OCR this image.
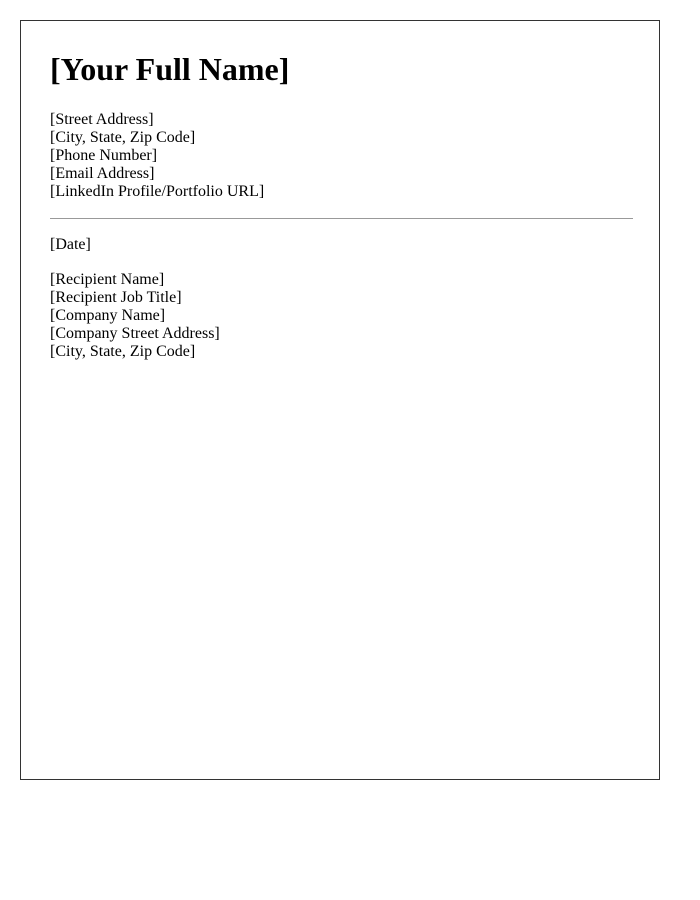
[Your Full Name]
[Street Address]
[City, State, Zip Code]
[Phone Number]
[Email Address]
[LinkedIn Profile/Portfolio URL]
[Date]
[Recipient Name]
[Recipient Job Title]
[Company Name]
[Company Street Address]
[City, State, Zip Code]
